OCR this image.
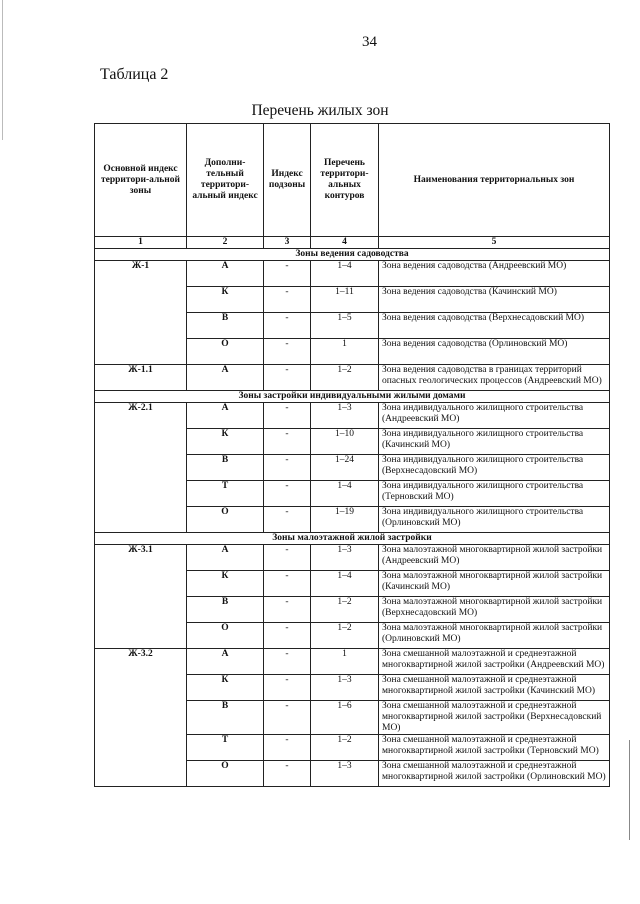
34
Таблица 2
Перечень жилых зон
Основной индекс территори-альной зоны	Дополни-тельный территори-альный индекс	Индекс подзоны	Перечень территори-альных контуров	Наименования территориальных зон
1	2	3	4	5
Зоны ведения садоводства				
Ж-1	А	-	1–4	Зона ведения садоводства (Андреевский МО)
	К	-	1–11	Зона ведения садоводства (Качинский МО)
	В	-	1–5	Зона ведения садоводства (Верхнесадовский МО)
	О	-	1	Зона ведения садоводства (Орлиновский МО)
Ж-1.1	А	-	1–2	Зона ведения садоводства в границах территорий опасных геологических процессов (Андреевский МО)
Зоны застройки индивидуальными жилыми домами				
Ж-2.1	А	-	1–3	Зона индивидуального жилищного строительства (Андреевский МО)
	К	-	1–10	Зона индивидуального жилищного строительства (Качинский МО)
	В	-	1–24	Зона индивидуального жилищного строительства (Верхнесадовский МО)
	Т	-	1–4	Зона индивидуального жилищного строительства (Терновский МО)
	О	-	1–19	Зона индивидуального жилищного строительства (Орлиновский МО)
Зоны малоэтажной жилой застройки				
Ж-3.1	А	-	1–3	Зона малоэтажной многоквартирной жилой застройки (Андреевский МО)
	К	-	1–4	Зона малоэтажной многоквартирной жилой застройки (Качинский МО)
	В	-	1–2	Зона малоэтажной многоквартирной жилой застройки (Верхнесадовский МО)
	О	-	1–2	Зона малоэтажной многоквартирной жилой застройки (Орлиновский МО)
Ж-3.2	А	-	1	Зона смешанной малоэтажной и среднеэтажной многоквартирной жилой застройки (Андреевский МО)
	К	-	1–3	Зона смешанной малоэтажной и среднеэтажной многоквартирной жилой застройки (Качинский МО)
	В	-	1–6	Зона смешанной малоэтажной и среднеэтажной многоквартирной жилой застройки (Верхнесадовский МО)
	Т	-	1–2	Зона смешанной малоэтажной и среднеэтажной многоквартирной жилой застройки (Терновский МО)
	О	-	1–3	Зона смешанной малоэтажной и среднеэтажной многоквартирной жилой застройки (Орлиновский МО)
